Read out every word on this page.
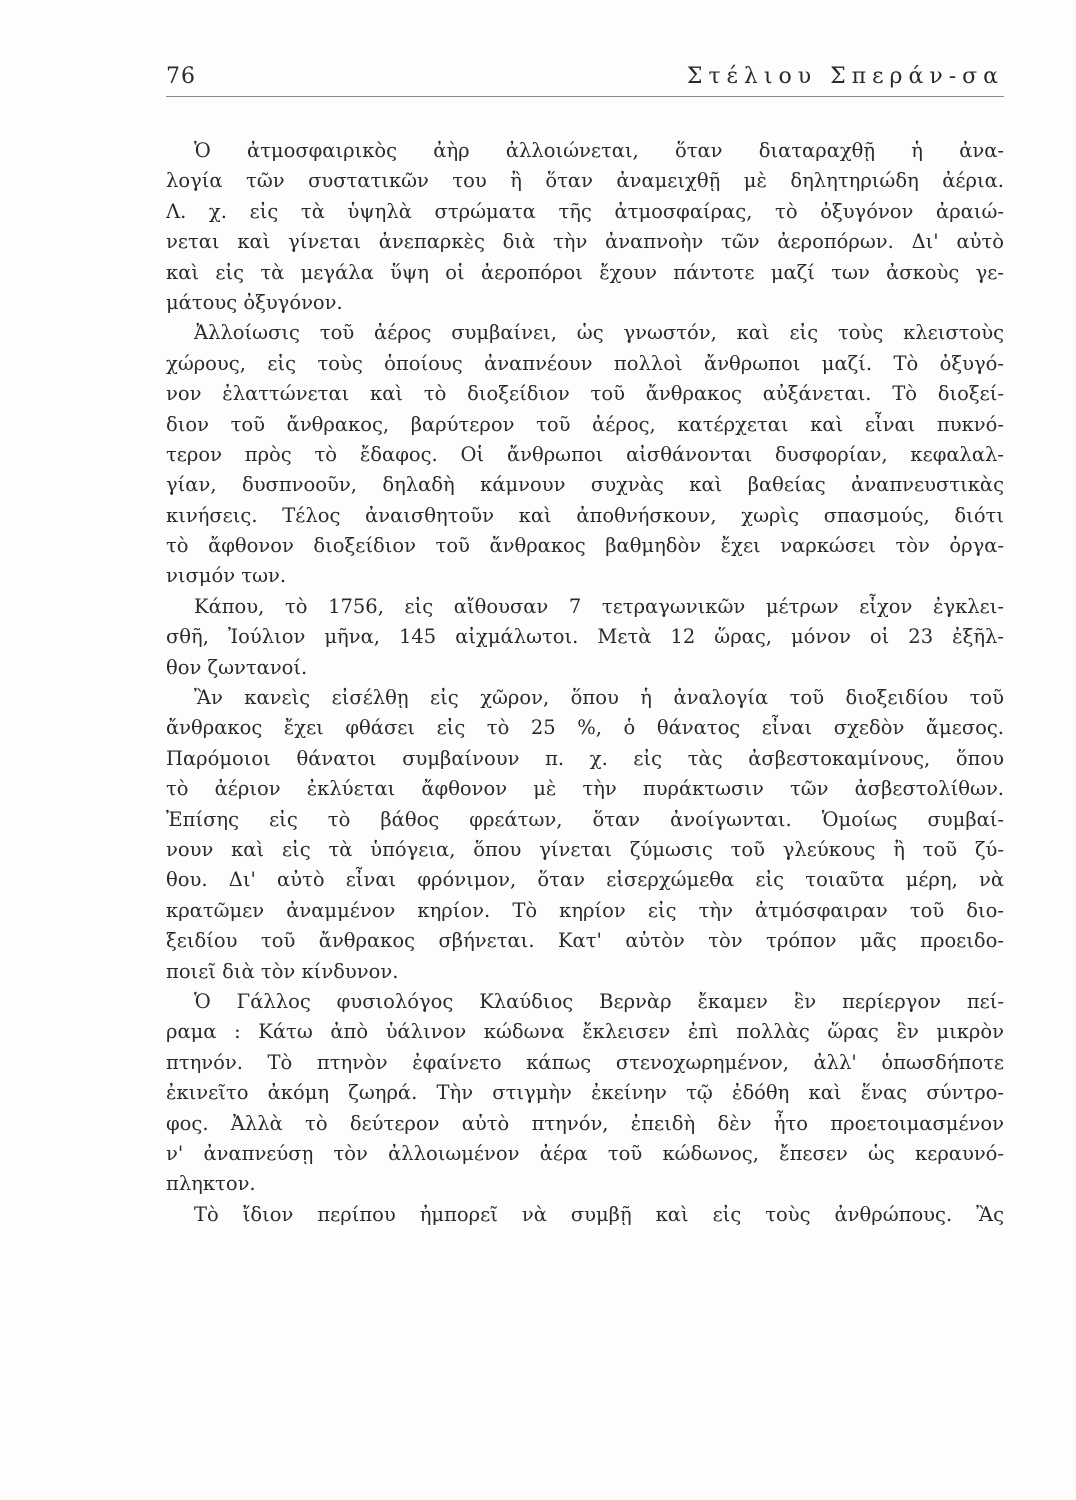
76	Στέλιου Σπεράν-σα
Ὁ ἀτμοσφαιρικὸς ἀὴρ ἀλλοιώνεται, ὅταν διαταραχθῇ ἡ ἀνα-
λογία τῶν συστατικῶν του ἢ ὅταν ἀναμειχθῇ μὲ δηλητηριώδη ἀέρια.
Λ. χ. εἰς τὰ ὑψηλὰ στρώματα τῆς ἀτμοσφαίρας, τὸ ὀξυγόνον ἀραιώ-
νεται καὶ γίνεται ἀνεπαρκὲς διὰ τὴν ἀναπνοὴν τῶν ἀεροπόρων. Δι' αὐτὸ
καὶ εἰς τὰ μεγάλα ὕψη οἱ ἀεροπόροι ἔχουν πάντοτε μαζί των ἀσκοὺς γε-
μάτους ὀξυγόνον.
Ἀλλοίωσις τοῦ ἀέρος συμβαίνει, ὡς γνωστόν, καὶ εἰς τοὺς κλειστοὺς
χώρους, εἰς τοὺς ὁποίους ἀναπνέουν πολλοὶ ἄνθρωποι μαζί. Τὸ ὀξυγό-
νον ἐλαττώνεται καὶ τὸ διοξείδιον τοῦ ἄνθρακος αὐξάνεται. Τὸ διοξεί-
διον τοῦ ἄνθρακος, βαρύτερον τοῦ ἀέρος, κατέρχεται καὶ εἶναι πυκνό-
τερον πρὸς τὸ ἔδαφος. Οἱ ἄνθρωποι αἰσθάνονται δυσφορίαν, κεφαλαλ-
γίαν, δυσπνοοῦν, δηλαδὴ κάμνουν συχνὰς καὶ βαθείας ἀναπνευστικὰς
κινήσεις. Τέλος ἀναισθητοῦν καὶ ἀποθνήσκουν, χωρὶς σπασμούς, διότι
τὸ ἄφθονον διοξείδιον τοῦ ἄνθρακος βαθμηδὸν ἔχει ναρκώσει τὸν ὀργα-
νισμόν των.
Κάπου, τὸ 1756, εἰς αἴθουσαν 7 τετραγωνικῶν μέτρων εἶχον ἐγκλει-
σθῆ, Ἰούλιον μῆνα, 145 αἰχμάλωτοι. Μετὰ 12 ὥρας, μόνον οἱ 23 ἐξῆλ-
θον ζωντανοί.
Ἂν κανεὶς εἰσέλθῃ εἰς χῶρον, ὅπου ἡ ἀναλογία τοῦ διοξειδίου τοῦ
ἄνθρακος ἔχει φθάσει εἰς τὸ 25 %, ὁ θάνατος εἶναι σχεδὸν ἄμεσος.
Παρόμοιοι θάνατοι συμβαίνουν π. χ. εἰς τὰς ἀσβεστοκαμίνους, ὅπου
τὸ ἀέριον ἐκλύεται ἄφθονον μὲ τὴν πυράκτωσιν τῶν ἀσβεστολίθων.
Ἐπίσης εἰς τὸ βάθος φρεάτων, ὅταν ἀνοίγωνται. Ὁμοίως συμβαί-
νουν καὶ εἰς τὰ ὑπόγεια, ὅπου γίνεται ζύμωσις τοῦ γλεύκους ἢ τοῦ ζύ-
θου. Δι' αὐτὸ εἶναι φρόνιμον, ὅταν εἰσερχώμεθα εἰς τοιαῦτα μέρη, νὰ
κρατῶμεν ἀναμμένον κηρίον. Τὸ κηρίον εἰς τὴν ἀτμόσφαιραν τοῦ διο-
ξειδίου τοῦ ἄνθρακος σβήνεται. Κατ' αὐτὸν τὸν τρόπον μᾶς προειδο-
ποιεῖ διὰ τὸν κίνδυνον.
Ὁ Γάλλος φυσιολόγος Κλαύδιος Βερνὰρ ἔκαμεν ἓν περίεργον πεί-
ραμα : Κάτω ἀπὸ ὑάλινον κώδωνα ἔκλεισεν ἐπὶ πολλὰς ὥρας ἓν μικρὸν
πτηνόν. Τὸ πτηνὸν ἐφαίνετο κάπως στενοχωρημένον, ἀλλ' ὁπωσδήποτε
ἐκινεῖτο ἀκόμη ζωηρά. Τὴν στιγμὴν ἐκείνην τῷ ἐδόθη καὶ ἕνας σύντρο-
φος. Ἀλλὰ τὸ δεύτερον αὐτὸ πτηνόν, ἐπειδὴ δὲν ἦτο προετοιμασμένον
ν' ἀναπνεύσῃ τὸν ἀλλοιωμένον ἀέρα τοῦ κώδωνος, ἔπεσεν ὡς κεραυνό-
πληκτον.
Τὸ ἴδιον περίπου ἠμπορεῖ νὰ συμβῇ καὶ εἰς τοὺς ἀνθρώπους. Ἂς
